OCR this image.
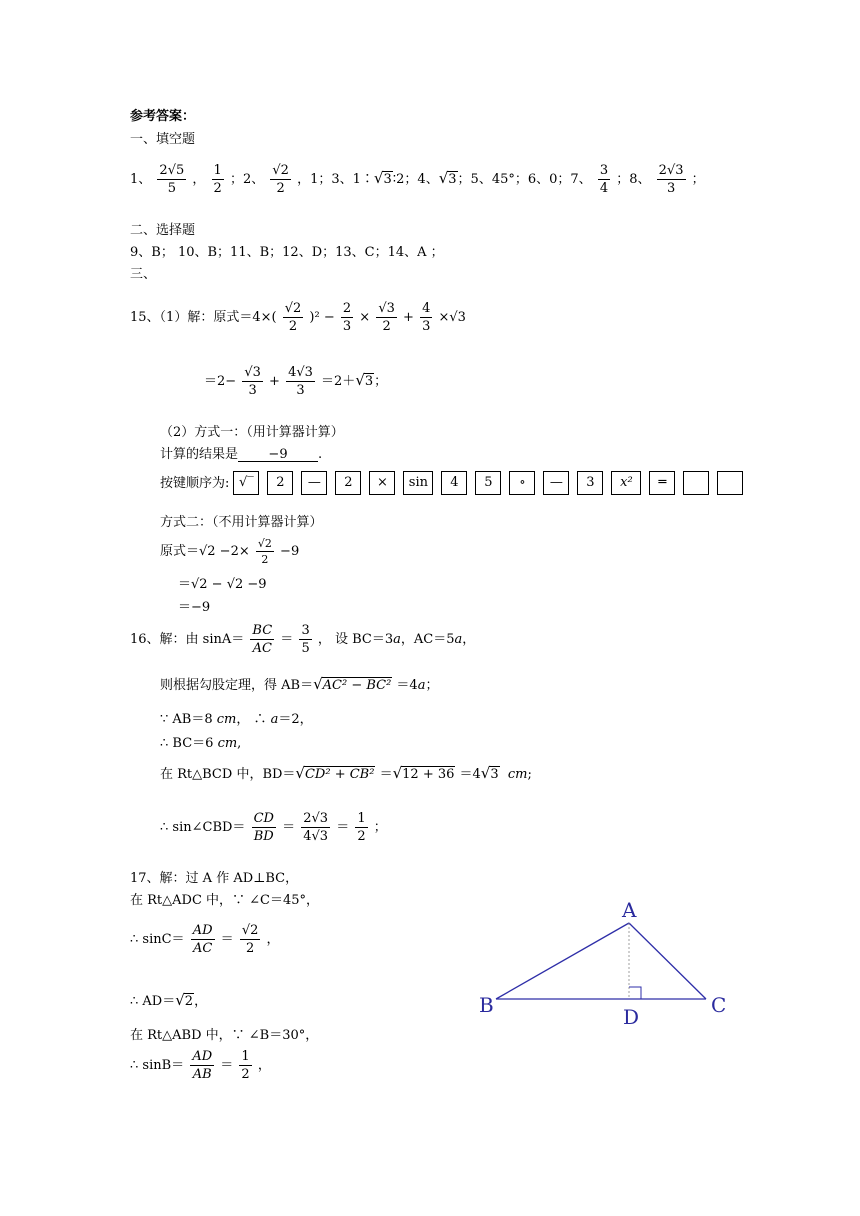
参考答案：
一、填空题
1、 $\frac{2√5}{5}$ ， $\frac{1}{2}$ ；2、 $\frac{√2}{2}$ ，1；3、1∶√3∶2；4、√3；5、45°；6、0；7、 $\frac{3}{4}$ ；8、 $\frac{2√3}{3}$ ；
二、选择题
9、B； 10、B；11、B；12、D；13、C；14、A ；
三、
15、（1）解：原式$=4\times( \frac{√2}{2} )^2 - \frac{2}{3} \times \frac{√3}{2} + \frac{4}{3} \times√3$
$=2- \frac{√3}{3} + \frac{4√3}{3} =2+√3$；
（2）方式一：（用计算器计算）
计算的结果是 −9 .
按键顺序为: √‾	2	—	2	×	sin	4	5	∘	—	3	x²	═
方式二：（不用计算器计算）
原式$=√2 -2\times \frac{√2}{2} -9$
＝√2 − √2 −9
＝−9
16、解：由 $\sin A= \frac{BC}{AC} = \frac{3}{5}$ ， 设 BC＝3a，AC＝5a，
则根据勾股定理，得 AB＝√AC² − BC² ＝4a；
∵ AB＝8 cm， ∴ a＝2，
∴ BC＝6 cm,
在 Rt△BCD 中，BD＝√CD² + CB² ＝√12 + 36 ＝4√3 cm;
∴ sin∠CBD＝ $\frac{CD}{BD} = \frac{2√3}{4√3} = \frac{1}{2}$ ；
17、解：过 A 作 AD⊥BC，
在 Rt△ADC 中，∵ ∠C＝45°，
∴ $\sin C= \frac{AD}{AC} = \frac{√2}{2}$ ，
∴ AD＝√2，
在 Rt△ABD 中，∵ ∠B＝30°，
∴ $\sin B= \frac{AD}{AB} = \frac{1}{2}$ ，
A
B	C
D
